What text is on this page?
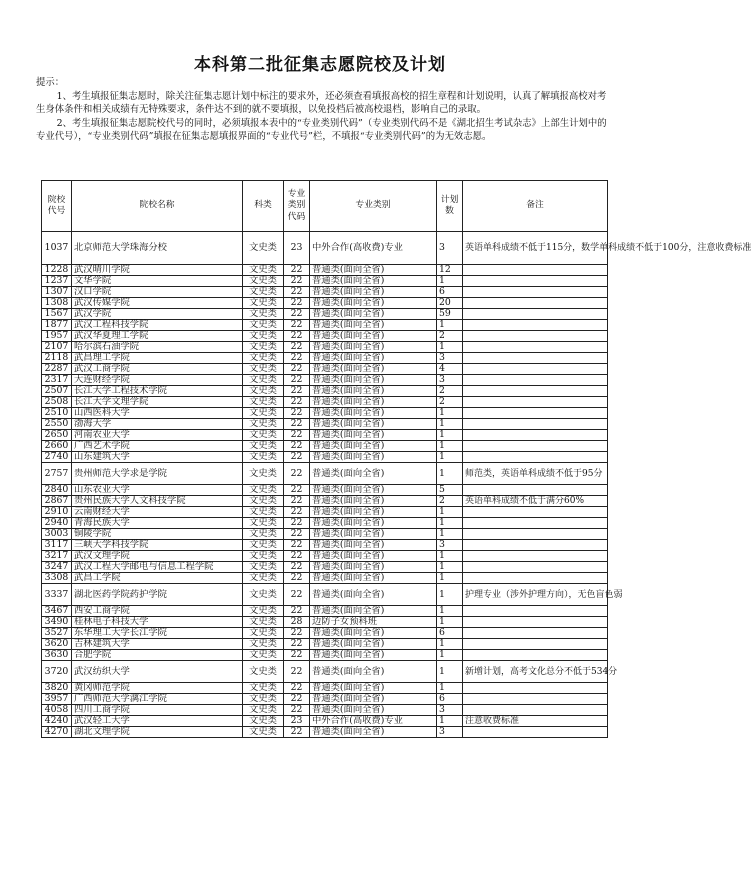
本科第二批征集志愿院校及计划

提示：

1、考生填报征集志愿时，除关注征集志愿计划中标注的要求外，还必须查看填报高校的招生章程和计划说明，认真了解填报高校对考生身体条件和相关成绩有无特殊要求，条件达不到的就不要填报，以免投档后被高校退档，影响自己的录取。

2、考生填报征集志愿院校代号的同时，必须填报本表中的“专业类别代码”（专业类别代码不是《湖北招生考试杂志》上部生计划中的专业代号），“专业类别代码”填报在征集志愿填报界面的“专业代号”栏，不填报“专业类别代码”的为无效志愿。

院校代号	院校名称	科类	专业类别代码	专业类别	计划数	备注
1037	北京师范大学珠海分校	文史类	23	中外合作(高收费)专业	3	英语单科成绩不低于115分，数学单科成绩不低于100分，注意收费标准
1228	武汉晴川学院	文史类	22	普通类(面向全省)	12	
1237	文华学院	文史类	22	普通类(面向全省)	1	
1307	汉口学院	文史类	22	普通类(面向全省)	6	
1308	武汉传媒学院	文史类	22	普通类(面向全省)	20	
1567	武汉学院	文史类	22	普通类(面向全省)	59	
1877	武汉工程科技学院	文史类	22	普通类(面向全省)	1	
1957	武汉华夏理工学院	文史类	22	普通类(面向全省)	2	
2107	哈尔滨石油学院	文史类	22	普通类(面向全省)	1	
2118	武昌理工学院	文史类	22	普通类(面向全省)	3	
2287	武汉工商学院	文史类	22	普通类(面向全省)	4	
2317	大连财经学院	文史类	22	普通类(面向全省)	3	
2507	长江大学工程技术学院	文史类	22	普通类(面向全省)	2	
2508	长江大学文理学院	文史类	22	普通类(面向全省)	2	
2510	山西医科大学	文史类	22	普通类(面向全省)	1	
2550	渤海大学	文史类	22	普通类(面向全省)	1	
2650	河南农业大学	文史类	22	普通类(面向全省)	1	
2660	广西艺术学院	文史类	22	普通类(面向全省)	1	
2740	山东建筑大学	文史类	22	普通类(面向全省)	1	
2757	贵州师范大学求是学院	文史类	22	普通类(面向全省)	1	师范类，英语单科成绩不低于95分
2840	山东农业大学	文史类	22	普通类(面向全省)	5	
2867	贵州民族大学人文科技学院	文史类	22	普通类(面向全省)	2	英语单科成绩不低于满分60%
2910	云南财经大学	文史类	22	普通类(面向全省)	1	
2940	青海民族大学	文史类	22	普通类(面向全省)	1	
3003	铜陵学院	文史类	22	普通类(面向全省)	1	
3117	三峡大学科技学院	文史类	22	普通类(面向全省)	3	
3217	武汉文理学院	文史类	22	普通类(面向全省)	1	
3247	武汉工程大学邮电与信息工程学院	文史类	22	普通类(面向全省)	1	
3308	武昌工学院	文史类	22	普通类(面向全省)	1	
3337	湖北医药学院药护学院	文史类	22	普通类(面向全省)	1	护理专业（涉外护理方向），无色盲色弱
3467	西安工商学院	文史类	22	普通类(面向全省)	1	
3490	桂林电子科技大学	文史类	28	边防子女预科班	1	
3527	东华理工大学长江学院	文史类	22	普通类(面向全省)	6	
3620	吉林建筑大学	文史类	22	普通类(面向全省)	1	
3630	合肥学院	文史类	22	普通类(面向全省)	1	
3720	武汉纺织大学	文史类	22	普通类(面向全省)	1	新增计划，高考文化总分不低于534分
3820	黄冈师范学院	文史类	22	普通类(面向全省)	1	
3957	广西师范大学漓江学院	文史类	22	普通类(面向全省)	6	
4058	四川工商学院	文史类	22	普通类(面向全省)	3	
4240	武汉轻工大学	文史类	23	中外合作(高收费)专业	1	注意收费标准
4270	湖北文理学院	文史类	22	普通类(面向全省)	3	
